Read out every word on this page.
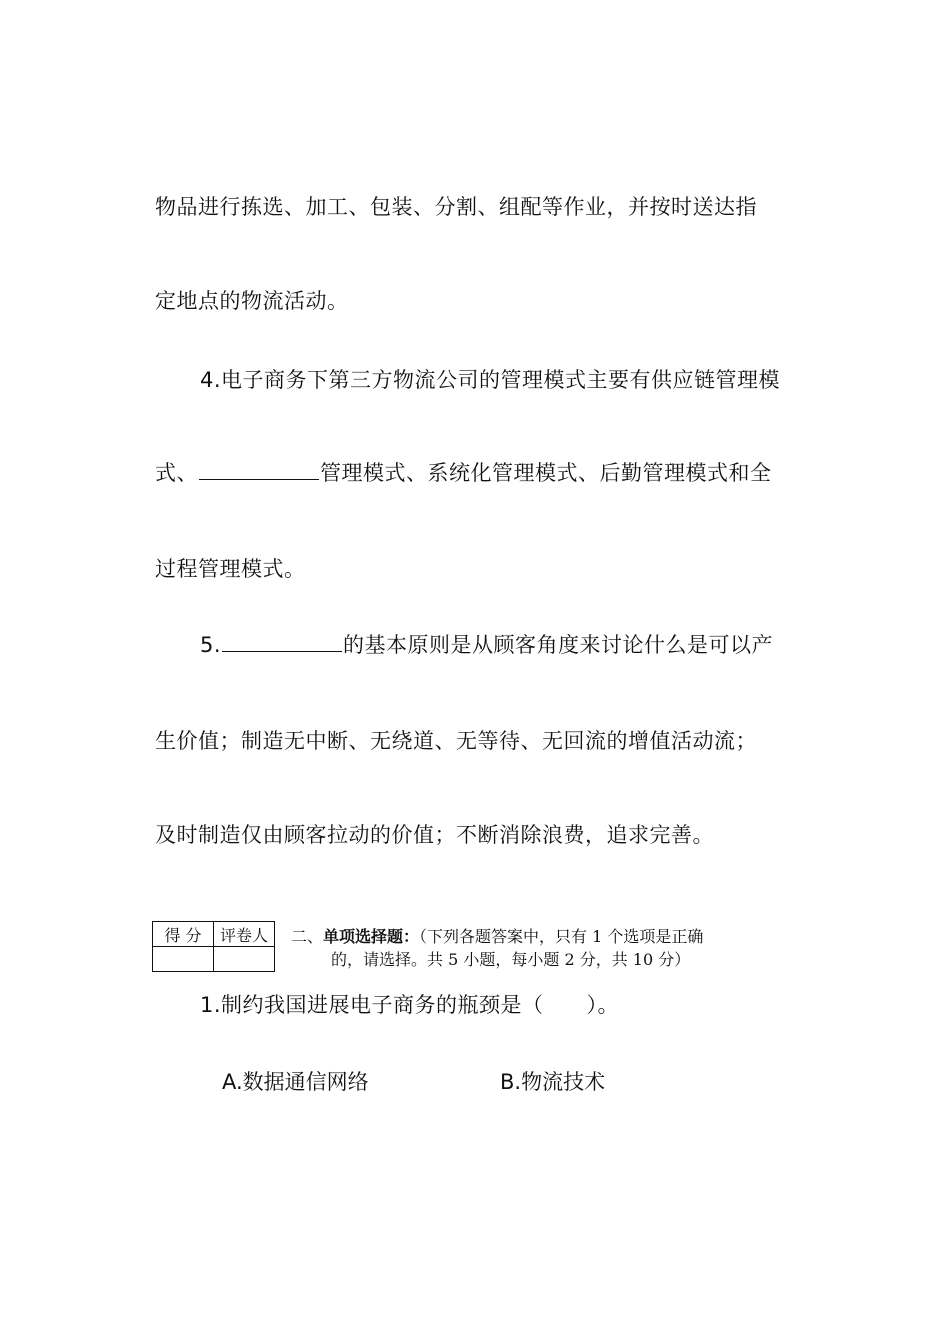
物品进行拣选、加工、包装、分割、组配等作业，并按时送达指
定地点的物流活动。
4.电子商务下第三方物流公司的管理模式主要有供应链管理模
式、	管理模式、系统化管理模式、后勤管理模式和全
过程管理模式。
5.	的基本原则是从顾客角度来讨论什么是可以产
生价值；制造无中断、无绕道、无等待、无回流的增值活动流；
及时制造仅由顾客拉动的价值；不断消除浪费，追求完善。
得 分	评卷人
	二、单项选择题：（下列各题答案中，只有 1 个选项是正确
的，请选择。共 5 小题，每小题 2 分，共 10 分）
1.制约我国进展电子商务的瓶颈是（　　）。
A.数据通信网络	B.物流技术
